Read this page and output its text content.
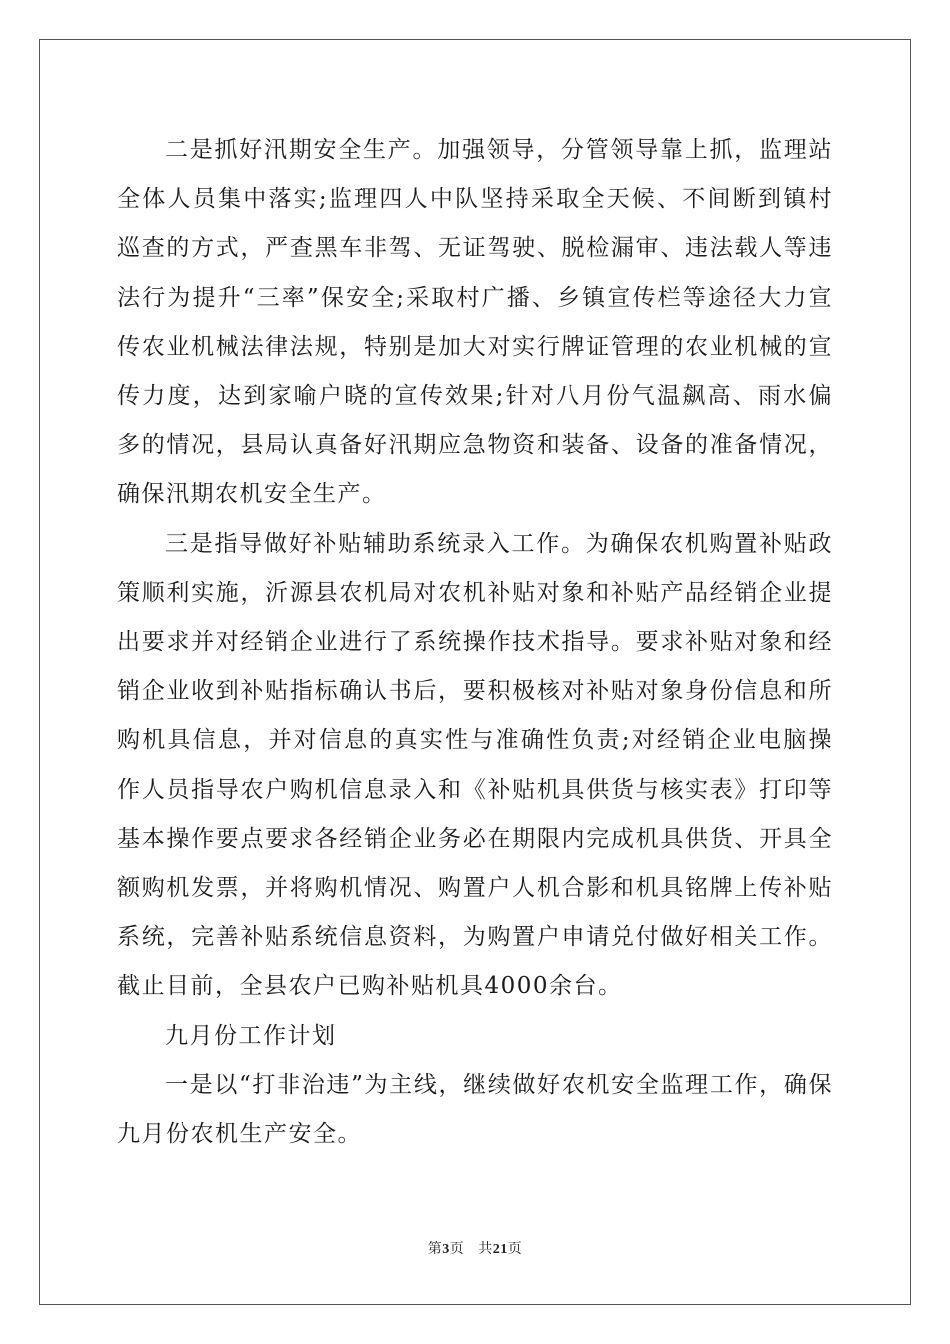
二是抓好汛期安全生产。加强领导，分管领导靠上抓，监理站全体人员集中落实;监理四人中队坚持采取全天候、不间断到镇村巡查的方式，严查黑车非驾、无证驾驶、脱检漏审、违法载人等违法行为提升“三率”保安全;采取村广播、乡镇宣传栏等途径大力宣传农业机械法律法规，特别是加大对实行牌证管理的农业机械的宣传力度，达到家喻户晓的宣传效果;针对八月份气温飙高、雨水偏多的情况，县局认真备好汛期应急物资和装备、设备的准备情况，确保汛期农机安全生产。

三是指导做好补贴辅助系统录入工作。为确保农机购置补贴政策顺利实施，沂源县农机局对农机补贴对象和补贴产品经销企业提出要求并对经销企业进行了系统操作技术指导。要求补贴对象和经销企业收到补贴指标确认书后，要积极核对补贴对象身份信息和所购机具信息，并对信息的真实性与准确性负责;对经销企业电脑操作人员指导农户购机信息录入和《补贴机具供货与核实表》打印等基本操作要点要求各经销企业务必在期限内完成机具供货、开具全额购机发票，并将购机情况、购置户人机合影和机具铭牌上传补贴系统，完善补贴系统信息资料，为购置户申请兑付做好相关工作。截止目前，全县农户已购补贴机具4000余台。

九月份工作计划

一是以“打非治违”为主线，继续做好农机安全监理工作，确保九月份农机生产安全。

第3页 共21页
